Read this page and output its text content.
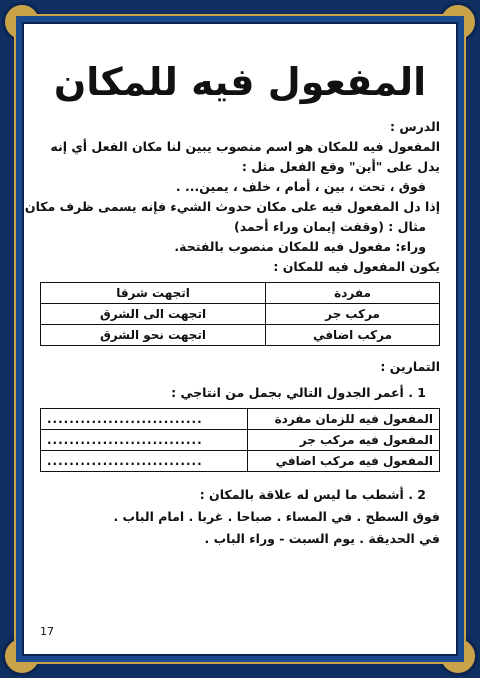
المفعول فيه للمكان
الدرس :
المفعول فيه للمكان هو اسم منصوب يبين لنا مكان الفعل أي إنه
يدل على "أين" وقع الفعل مثل :
فوق ، تحت ، بين ، أمام ، خلف ، يمين... .
إذا دل المفعول فيه على مكان حدوث الشيء فإنه يسمى ظرف مكان
مثال : (وقفت إيمان وراء أحمد)
وراء: مفعول فيه للمكان منصوب بالفتحة.
يكون المفعول فيه للمكان :
مفردة	اتجهت شرقا
مركب جر	اتجهت الى الشرق
مركب اضافي	اتجهت نحو الشرق
التمارين :
1 . أعمر الجدول التالي بجمل من انتاجي :
المفعول فيه للزمان مفردة	............................
المفعول فيه مركب جر	............................
المفعول فيه مركب اضافي	............................
2 . أشطب ما ليس له علاقة بالمكان :
فوق السطح . في المساء . صباحا . غربا . امام الباب .
في الحديقة . يوم السبت - وراء الباب .
17
